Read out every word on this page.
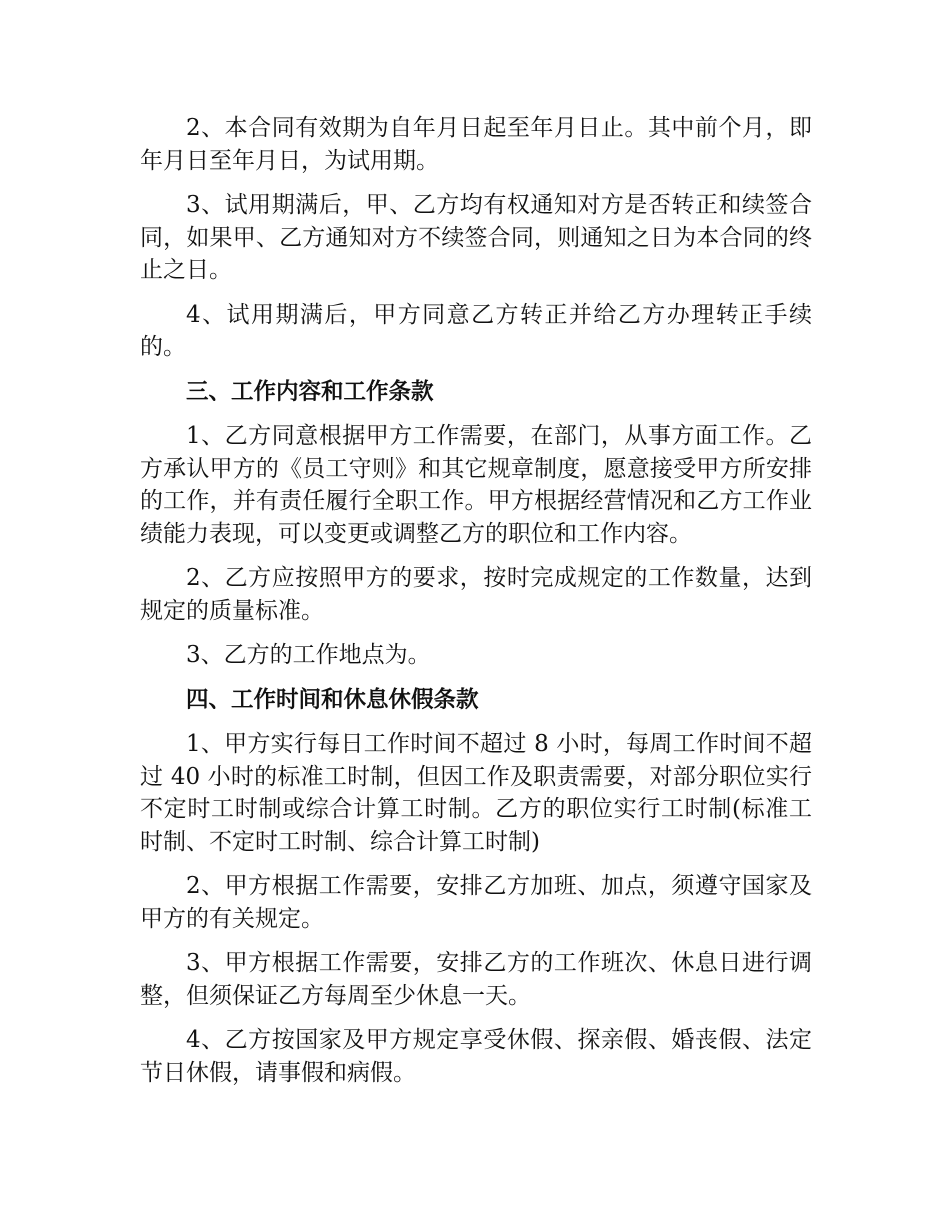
2、本合同有效期为自年月日起至年月日止。其中前个月，即年月日至年月日，为试用期。

3、试用期满后，甲、乙方均有权通知对方是否转正和续签合同，如果甲、乙方通知对方不续签合同，则通知之日为本合同的终止之日。

4、试用期满后，甲方同意乙方转正并给乙方办理转正手续的。

三、工作内容和工作条款

1、乙方同意根据甲方工作需要，在部门，从事方面工作。乙方承认甲方的《员工守则》和其它规章制度，愿意接受甲方所安排的工作，并有责任履行全职工作。甲方根据经营情况和乙方工作业绩能力表现，可以变更或调整乙方的职位和工作内容。

2、乙方应按照甲方的要求，按时完成规定的工作数量，达到规定的质量标准。

3、乙方的工作地点为。

四、工作时间和休息休假条款

1、甲方实行每日工作时间不超过 8 小时，每周工作时间不超过 40 小时的标准工时制，但因工作及职责需要，对部分职位实行不定时工时制或综合计算工时制。乙方的职位实行工时制(标准工时制、不定时工时制、综合计算工时制)

2、甲方根据工作需要，安排乙方加班、加点，须遵守国家及甲方的有关规定。

3、甲方根据工作需要，安排乙方的工作班次、休息日进行调整，但须保证乙方每周至少休息一天。

4、乙方按国家及甲方规定享受休假、探亲假、婚丧假、法定节日休假，请事假和病假。
